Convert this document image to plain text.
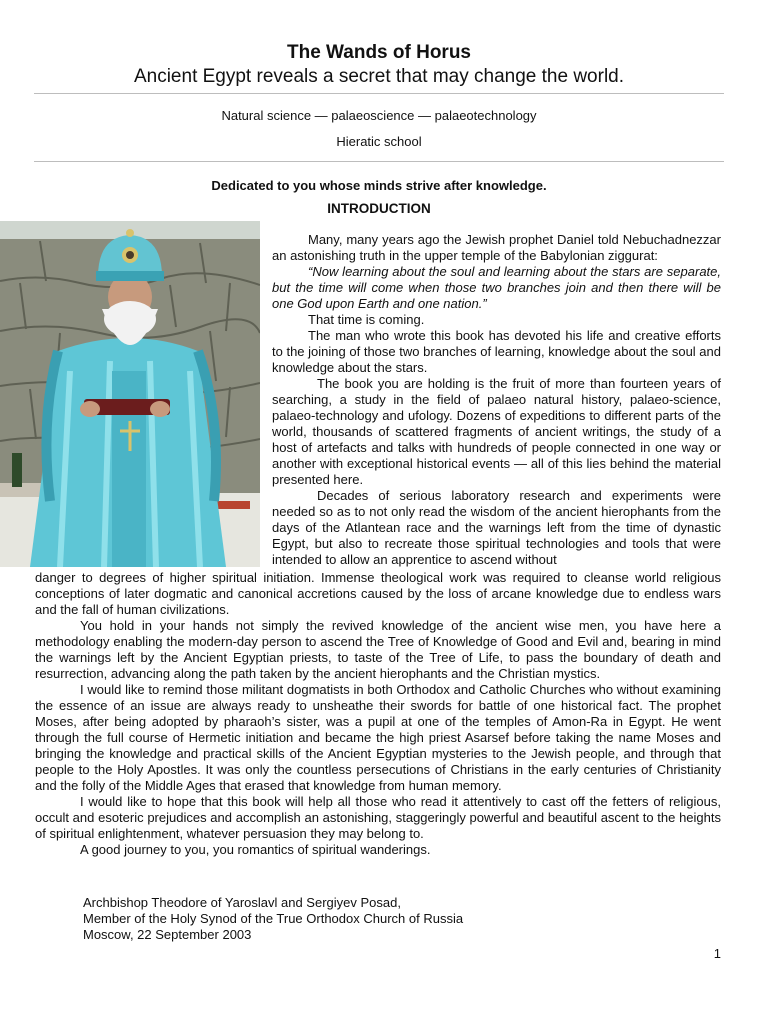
The Wands of Horus
Ancient Egypt reveals a secret that may change the world.
Natural science — palaeoscience — palaeotechnology
Hieratic school
Dedicated to you whose minds strive after knowledge.
INTRODUCTION

Many, many years ago the Jewish prophet Daniel told Nebuchadnezzar an astonishing truth in the upper temple of the Babylonian ziggurat:

“Now learning about the soul and learning about the stars are separate, but the time will come when those two branches join and then there will be one God upon Earth and one nation.”

That time is coming.

The man who wrote this book has devoted his life and creative efforts to the joining of those two branches of learning, knowledge about the soul and knowledge about the stars.

The book you are holding is the fruit of more than fourteen years of searching, a study in the field of palaeo natural history, palaeo-science, palaeo-technology and ufology. Dozens of expeditions to different parts of the world, thousands of scattered fragments of ancient writings, the study of a host of artefacts and talks with hundreds of people connected in one way or another with exceptional historical events — all of this lies behind the material presented here.

Decades of serious laboratory research and experiments were needed so as to not only read the wisdom of the ancient hierophants from the days of the Atlantean race and the warnings left from the time of dynastic Egypt, but also to recreate those spiritual technologies and tools that were intended to allow an apprentice to ascend without

danger to degrees of higher spiritual initiation. Immense theological work was required to cleanse world religious conceptions of later dogmatic and canonical accretions caused by the loss of arcane knowledge due to endless wars and the fall of human civilizations.

You hold in your hands not simply the revived knowledge of the ancient wise men, you have here a methodology enabling the modern-day person to ascend the Tree of Knowledge of Good and Evil and, bearing in mind the warnings left by the Ancient Egyptian priests, to taste of the Tree of Life, to pass the boundary of death and resurrection, advancing along the path taken by the ancient hierophants and the Christian mystics.

I would like to remind those militant dogmatists in both Orthodox and Catholic Churches who without examining the essence of an issue are always ready to unsheathe their swords for battle of one historical fact. The prophet Moses, after being adopted by pharaoh’s sister, was a pupil at one of the temples of Amon-Ra in Egypt. He went through the full course of Hermetic initiation and became the high priest Asarsef before taking the name Moses and bringing the knowledge and practical skills of the Ancient Egyptian mysteries to the Jewish people, and through that people to the Holy Apostles. It was only the countless persecutions of Christians in the early centuries of Christianity and the folly of the Middle Ages that erased that knowledge from human memory.

I would like to hope that this book will help all those who read it attentively to cast off the fetters of religious, occult and esoteric prejudices and accomplish an astonishing, staggeringly powerful and beautiful ascent to the heights of spiritual enlightenment, whatever persuasion they may belong to.

A good journey to you, you romantics of spiritual wanderings.

Archbishop Theodore of Yaroslavl and Sergiyev Posad,
Member of the Holy Synod of the True Orthodox Church of Russia
Moscow, 22 September 2003
1
